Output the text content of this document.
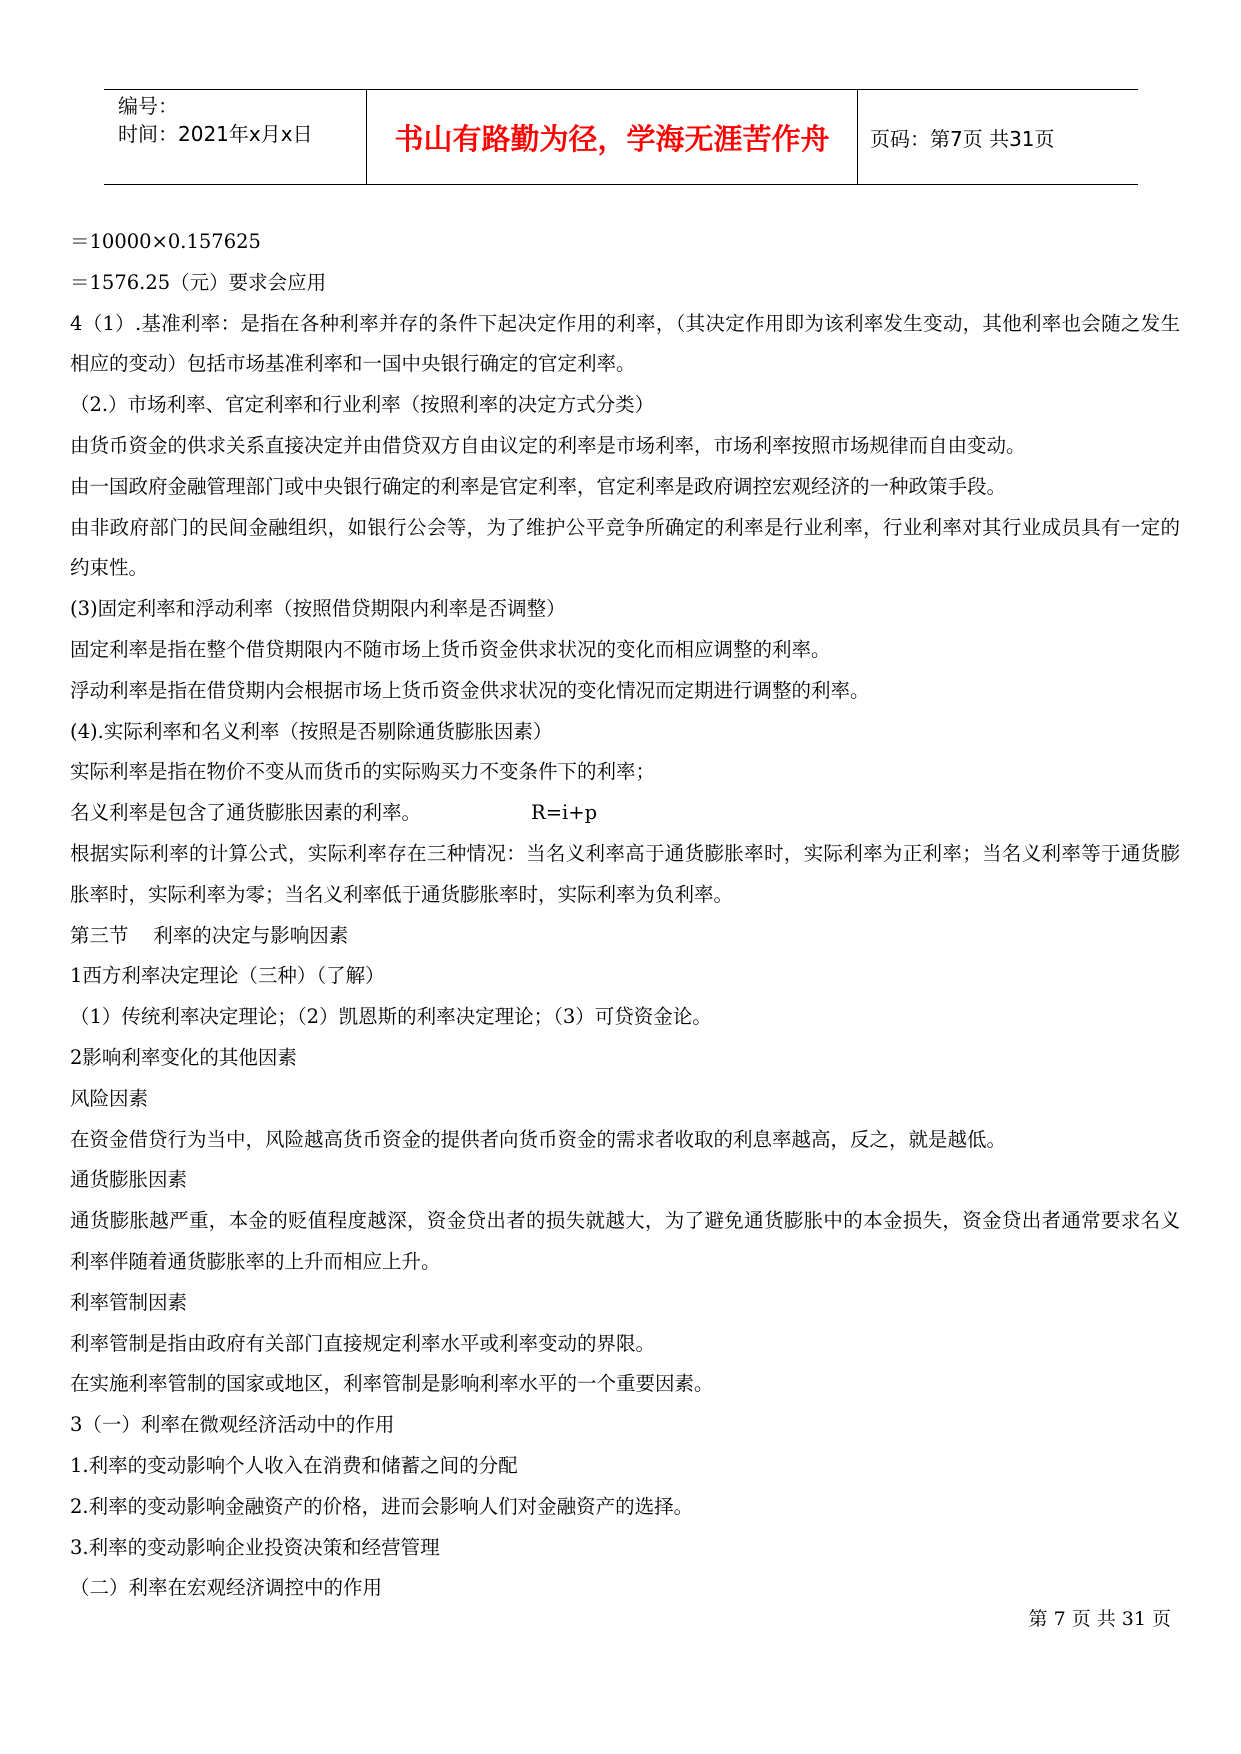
编号：
时间：2021年x月x日	书山有路勤为径，学海无涯苦作舟	页码：第7页 共31页

＝10000×0.157625

＝1576.25（元）要求会应用

4（1）.基准利率：是指在各种利率并存的条件下起决定作用的利率，（其决定作用即为该利率发生变动，其他利率也会随之发生相应的变动）包括市场基准利率和一国中央银行确定的官定利率。

（2.）市场利率、官定利率和行业利率（按照利率的决定方式分类）

由货币资金的供求关系直接决定并由借贷双方自由议定的利率是市场利率，市场利率按照市场规律而自由变动。

由一国政府金融管理部门或中央银行确定的利率是官定利率，官定利率是政府调控宏观经济的一种政策手段。

由非政府部门的民间金融组织，如银行公会等，为了维护公平竞争所确定的利率是行业利率，行业利率对其行业成员具有一定的约束性。

(3)固定利率和浮动利率（按照借贷期限内利率是否调整）

固定利率是指在整个借贷期限内不随市场上货币资金供求状况的变化而相应调整的利率。

浮动利率是指在借贷期内会根据市场上货币资金供求状况的变化情况而定期进行调整的利率。

(4).实际利率和名义利率（按照是否剔除通货膨胀因素）

实际利率是指在物价不变从而货币的实际购买力不变条件下的利率；

名义利率是包含了通货膨胀因素的利率。	R=i+p

根据实际利率的计算公式，实际利率存在三种情况：当名义利率高于通货膨胀率时，实际利率为正利率；当名义利率等于通货膨胀率时，实际利率为零；当名义利率低于通货膨胀率时，实际利率为负利率。

第三节    利率的决定与影响因素

1西方利率决定理论（三种）（了解）

（1）传统利率决定理论；（2）凯恩斯的利率决定理论；（3）可贷资金论。

2影响利率变化的其他因素

风险因素

在资金借贷行为当中，风险越高货币资金的提供者向货币资金的需求者收取的利息率越高，反之，就是越低。

通货膨胀因素

通货膨胀越严重，本金的贬值程度越深，资金贷出者的损失就越大，为了避免通货膨胀中的本金损失，资金贷出者通常要求名义利率伴随着通货膨胀率的上升而相应上升。

利率管制因素

利率管制是指由政府有关部门直接规定利率水平或利率变动的界限。

在实施利率管制的国家或地区，利率管制是影响利率水平的一个重要因素。

3（一）利率在微观经济活动中的作用

1.利率的变动影响个人收入在消费和储蓄之间的分配

2.利率的变动影响金融资产的价格，进而会影响人们对金融资产的选择。

3.利率的变动影响企业投资决策和经营管理

（二）利率在宏观经济调控中的作用

第 7 页 共 31 页
